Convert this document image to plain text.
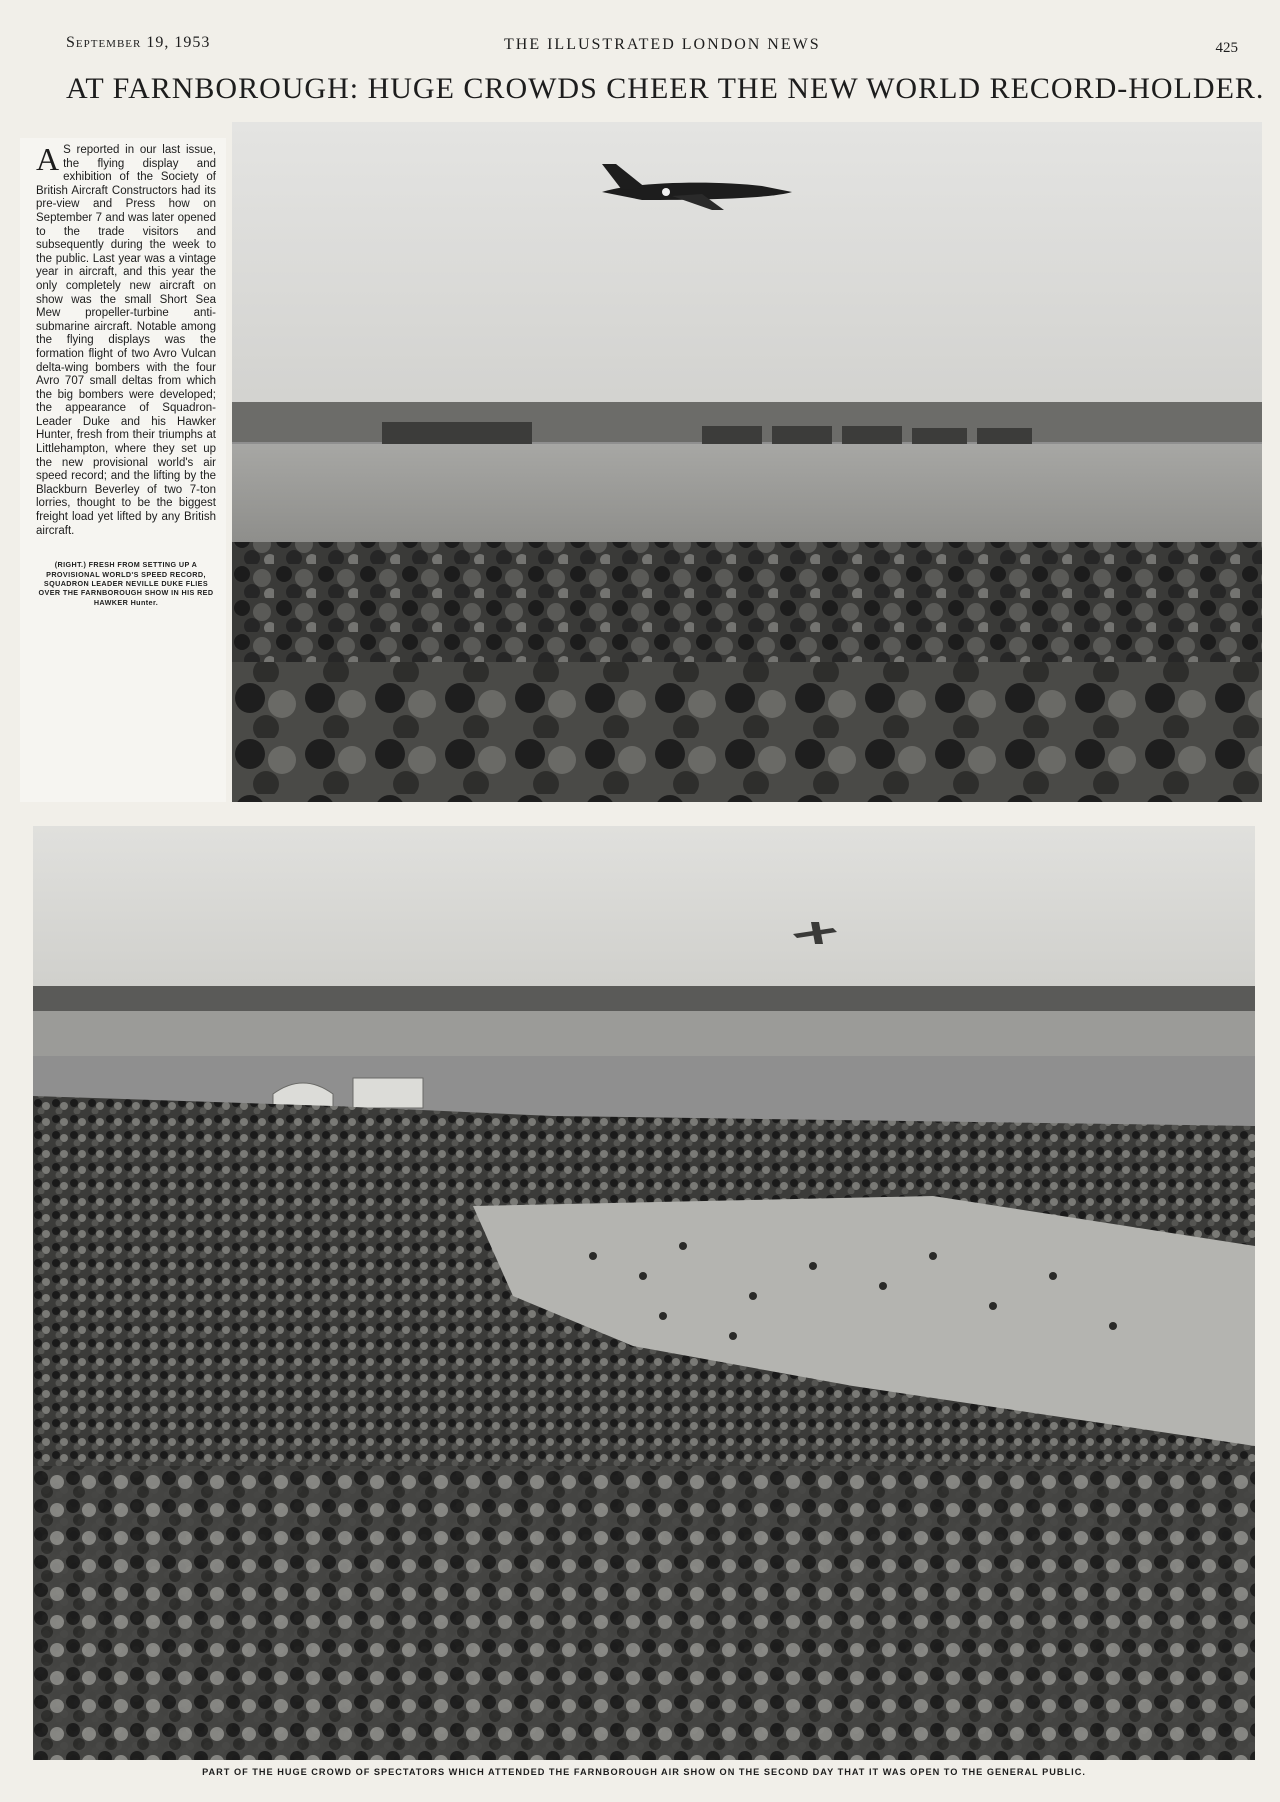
September 19, 1953	THE ILLUSTRATED LONDON NEWS	425
AT FARNBOROUGH: HUGE CROWDS CHEER THE NEW WORLD RECORD-HOLDER.

A S reported in our last issue, the flying display and exhibition of the Society of British Aircraft Constructors had its pre-view and Press how on September 7 and was later opened to the trade visitors and subsequently during the week to the public. Last year was a vintage year in aircraft, and this year the only completely new aircraft on show was the small Short Sea Mew propeller-turbine anti-submarine aircraft. Notable among the flying displays was the formation flight of two Avro Vulcan delta-wing bombers with the four Avro 707 small deltas from which the big bombers were developed; the appearance of Squadron-Leader Duke and his Hawker Hunter, fresh from their triumphs at Littlehampton, where they set up the new provisional world's air speed record; and the lifting by the Blackburn Beverley of two 7-ton lorries, thought to be the biggest freight load yet lifted by any British aircraft.

(RIGHT.) FRESH FROM SETTING UP A PROVISIONAL WORLD'S SPEED RECORD, SQUADRON LEADER NEVILLE DUKE FLIES OVER THE FARNBOROUGH SHOW IN HIS RED HAWKER Hunter.
PART OF THE HUGE CROWD OF SPECTATORS WHICH ATTENDED THE FARNBOROUGH AIR SHOW ON THE SECOND DAY THAT IT WAS OPEN TO THE GENERAL PUBLIC.
